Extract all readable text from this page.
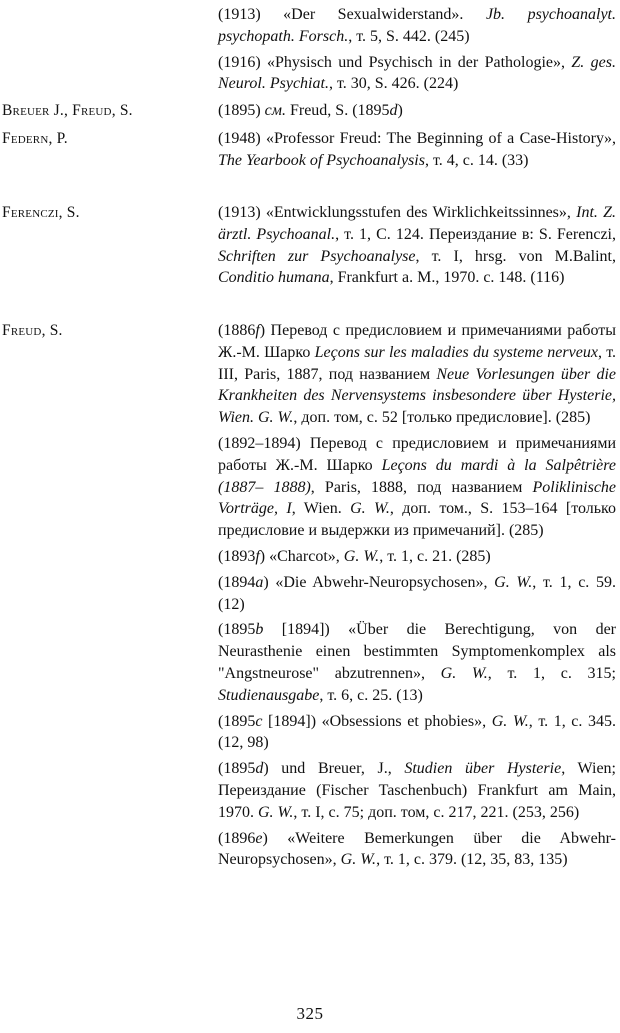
(1913) «Der Sexualwiderstand». Jb. psychoanalyt. psychopath. Forsch., т. 5, S. 442. (245)
(1916) «Physisch und Psychisch in der Pathologie», Z. ges. Neurol. Psychiat., т. 30, S. 426. (224)
Breuer J., Freud, S.	(1895) см. Freud, S. (1895d)
Federn, P.	(1948) «Professor Freud: The Beginning of a Case-History», The Yearbook of Psychoanalysis, т. 4, с. 14. (33)
Ferenczi, S.	(1913) «Entwicklungsstufen des Wirklichkeitssinnes», Int. Z. ärztl. Psychoanal., т. 1, С. 124. Переиздание в: S. Ferenczi, Schriften zur Psychoanalyse, т. I, hrsg. von M.Balint, Conditio humana, Frankfurt a. M., 1970. с. 148. (116)
Freud, S.	(1886f) Перевод с предисловием и примечаниями работы Ж.-М. Шарко Leçons sur les maladies du systeme nerveux, т. III, Paris, 1887, под названием Neue Vorlesungen über die Krankheiten des Nervensystems insbesondere über Hysterie, Wien. G. W., доп. том, с. 52 [только предисловие]. (285)
(1892–1894) Перевод с предисловием и примечаниями работы Ж.-М. Шарко Leçons du mardi à la Salpêtrière (1887– 1888), Paris, 1888, под названием Poliklinische Vorträge, I, Wien. G. W., доп. том., S. 153–164 [только предисловие и выдержки из примечаний]. (285)
(1893f) «Charcot», G. W., т. 1, с. 21. (285)
(1894a) «Die Abwehr-Neuropsychosen», G. W., т. 1, с. 59. (12)
(1895b [1894]) «Über die Berechtigung, von der Neurasthenie einen bestimmten Symptomenkomplex als "Angstneurose" abzutrennen», G. W., т. 1, с. 315; Studienausgabe, т. 6, с. 25. (13)
(1895c [1894]) «Obsessions et phobies», G. W., т. 1, с. 345. (12, 98)
(1895d) und Breuer, J., Studien über Hysterie, Wien; Переиздание (Fischer Taschenbuch) Frankfurt am Main, 1970. G. W., т. I, с. 75; доп. том, с. 217, 221. (253, 256)
(1896e) «Weitere Bemerkungen über die Abwehr-Neuropsychosen», G. W., т. 1, с. 379. (12, 35, 83, 135)
325
